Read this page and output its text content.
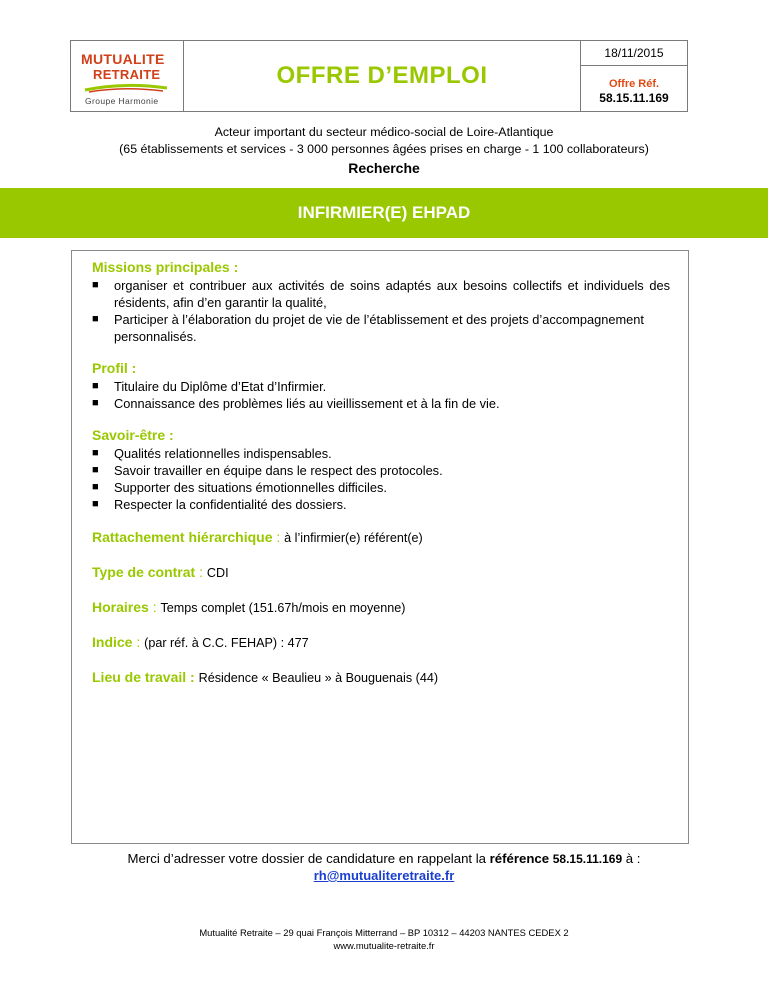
MUTUALITE
RETRAITE
Groupe Harmonie
OFFRE D’EMPLOI
18/11/2015
Offre Réf.
58.15.11.169
Acteur important du secteur médico-social de Loire-Atlantique
(65 établissements et services - 3 000 personnes âgées prises en charge - 1 100 collaborateurs)
Recherche
INFIRMIER(E) EHPAD

Missions principales :

■ organiser et contribuer aux activités de soins adaptés aux besoins collectifs et individuels des résidents, afin d’en garantir la qualité,
■ Participer à l’élaboration du projet de vie de l’établissement et des projets d’accompagnement personnalisés.

Profil :

■ Titulaire du Diplôme d’Etat d’Infirmier.
■ Connaissance des problèmes liés au vieillissement et à la fin de vie.

Savoir-être :

■ Qualités relationnelles indispensables.
■ Savoir travailler en équipe dans le respect des protocoles.
■ Supporter des situations émotionnelles difficiles.
■ Respecter la confidentialité des dossiers.

Rattachement hiérarchique : à l’infirmier(e) référent(e)

Type de contrat : CDI

Horaires : Temps complet (151.67h/mois en moyenne)

Indice : (par réf. à C.C. FEHAP) : 477

Lieu de travail : Résidence « Beaulieu » à Bouguenais (44)

Merci d’adresser votre dossier de candidature en rappelant la référence 58.15.11.169 à :
rh@mutualiteretraite.fr
Mutualité Retraite – 29 quai François Mitterrand – BP 10312 – 44203 NANTES CEDEX 2
www.mutualite-retraite.fr
